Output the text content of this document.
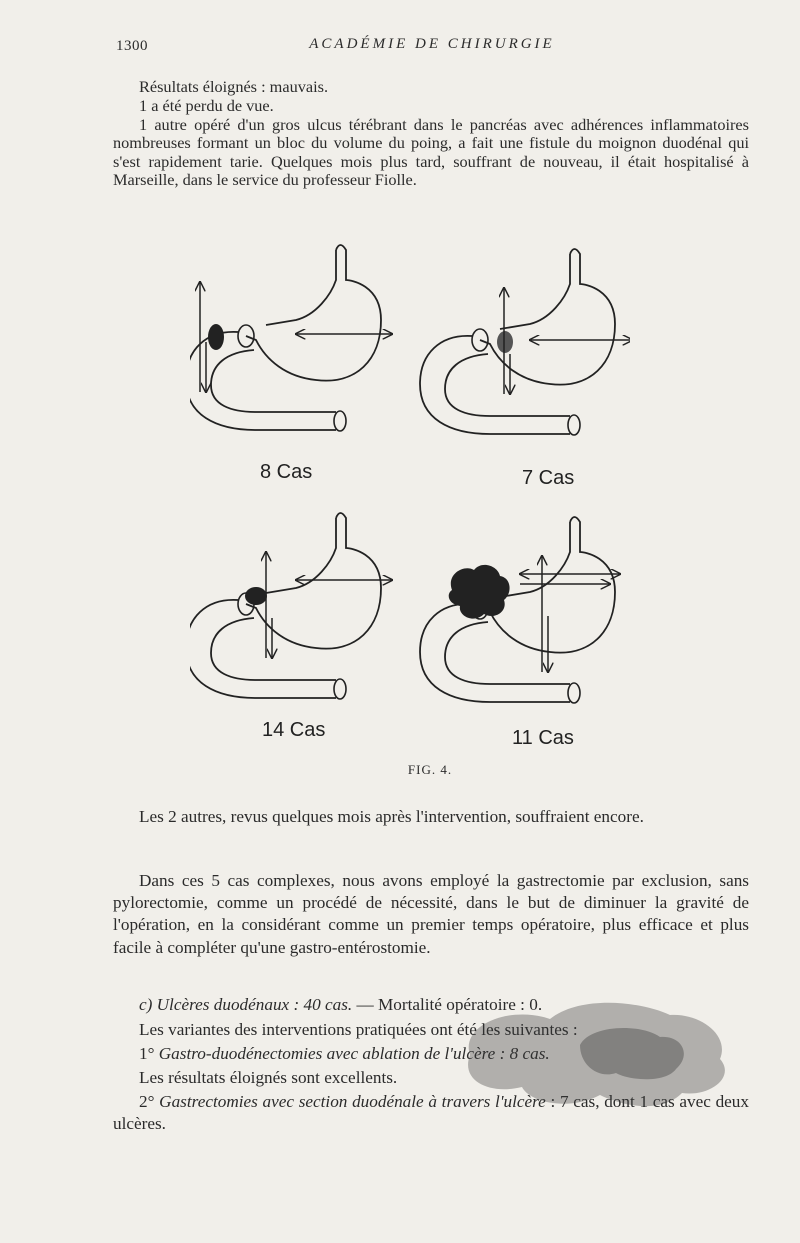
1300	ACADÉMIE DE CHIRURGIE

Résultats éloignés : mauvais.

1 a été perdu de vue.

1 autre opéré d'un gros ulcus térébrant dans le pancréas avec adhérences inflammatoires nombreuses formant un bloc du volume du poing, a fait une fistule du moignon duodénal qui s'est rapidement tarie. Quelques mois plus tard, souffrant de nouveau, il était hospitalisé à Marseille, dans le service du professeur Fiolle.

8 Cas	7 Cas
14 Cas	11 Cas
FIG. 4.

Les 2 autres, revus quelques mois après l'intervention, souffraient encore.

Dans ces 5 cas complexes, nous avons employé la gastrectomie par exclusion, sans pylorectomie, comme un procédé de nécessité, dans le but de diminuer la gravité de l'opération, en la considérant comme un premier temps opératoire, plus efficace et plus facile à compléter qu'une gastro-entérostomie.

c) Ulcères duodénaux : 40 cas. — Mortalité opératoire : 0.

Les variantes des interventions pratiquées ont été les suivantes :

1° Gastro-duodénectomies avec ablation de l'ulcère : 8 cas.

Les résultats éloignés sont excellents.

2° Gastrectomies avec section duodénale à travers l'ulcère : 7 cas, dont 1 cas avec deux ulcères.
